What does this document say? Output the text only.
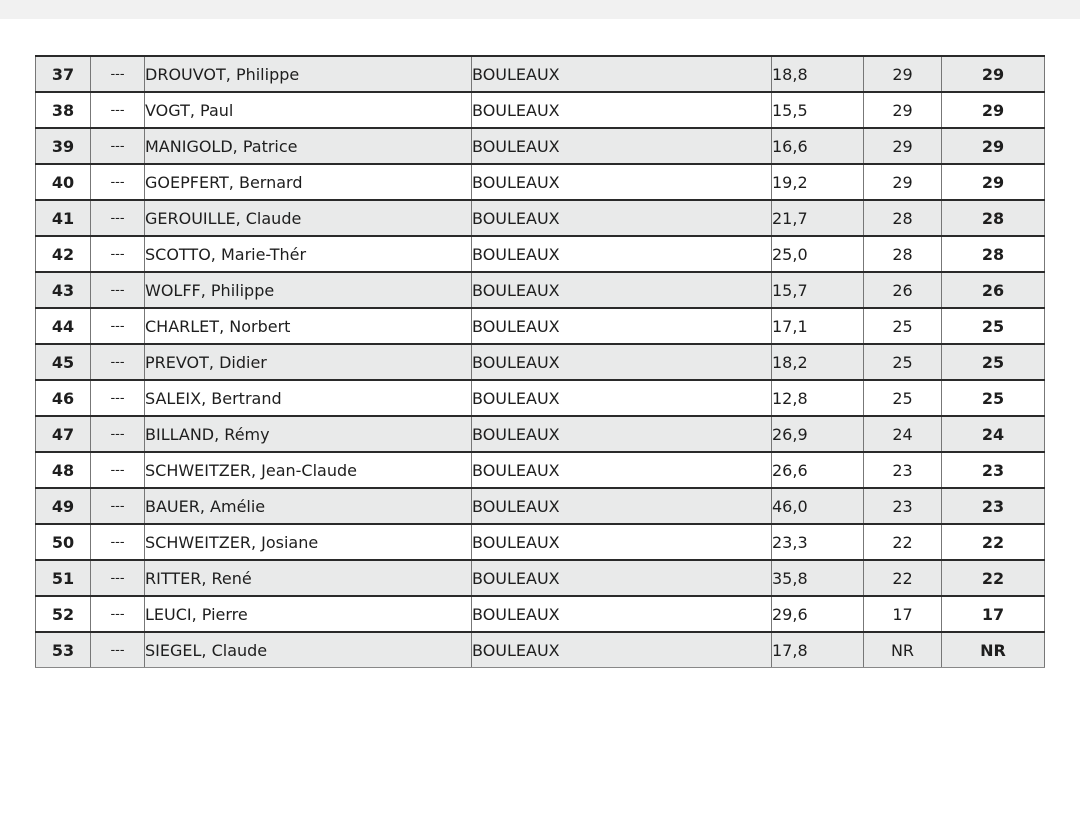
37	---	DROUVOT, Philippe	BOULEAUX	18,8	29	29
38	---	VOGT, Paul	BOULEAUX	15,5	29	29
39	---	MANIGOLD, Patrice	BOULEAUX	16,6	29	29
40	---	GOEPFERT, Bernard	BOULEAUX	19,2	29	29
41	---	GEROUILLE, Claude	BOULEAUX	21,7	28	28
42	---	SCOTTO, Marie-Thér	BOULEAUX	25,0	28	28
43	---	WOLFF, Philippe	BOULEAUX	15,7	26	26
44	---	CHARLET, Norbert	BOULEAUX	17,1	25	25
45	---	PREVOT, Didier	BOULEAUX	18,2	25	25
46	---	SALEIX, Bertrand	BOULEAUX	12,8	25	25
47	---	BILLAND, Rémy	BOULEAUX	26,9	24	24
48	---	SCHWEITZER, Jean-Claude	BOULEAUX	26,6	23	23
49	---	BAUER, Amélie	BOULEAUX	46,0	23	23
50	---	SCHWEITZER, Josiane	BOULEAUX	23,3	22	22
51	---	RITTER, René	BOULEAUX	35,8	22	22
52	---	LEUCI, Pierre	BOULEAUX	29,6	17	17
53	---	SIEGEL, Claude	BOULEAUX	17,8	NR	NR
